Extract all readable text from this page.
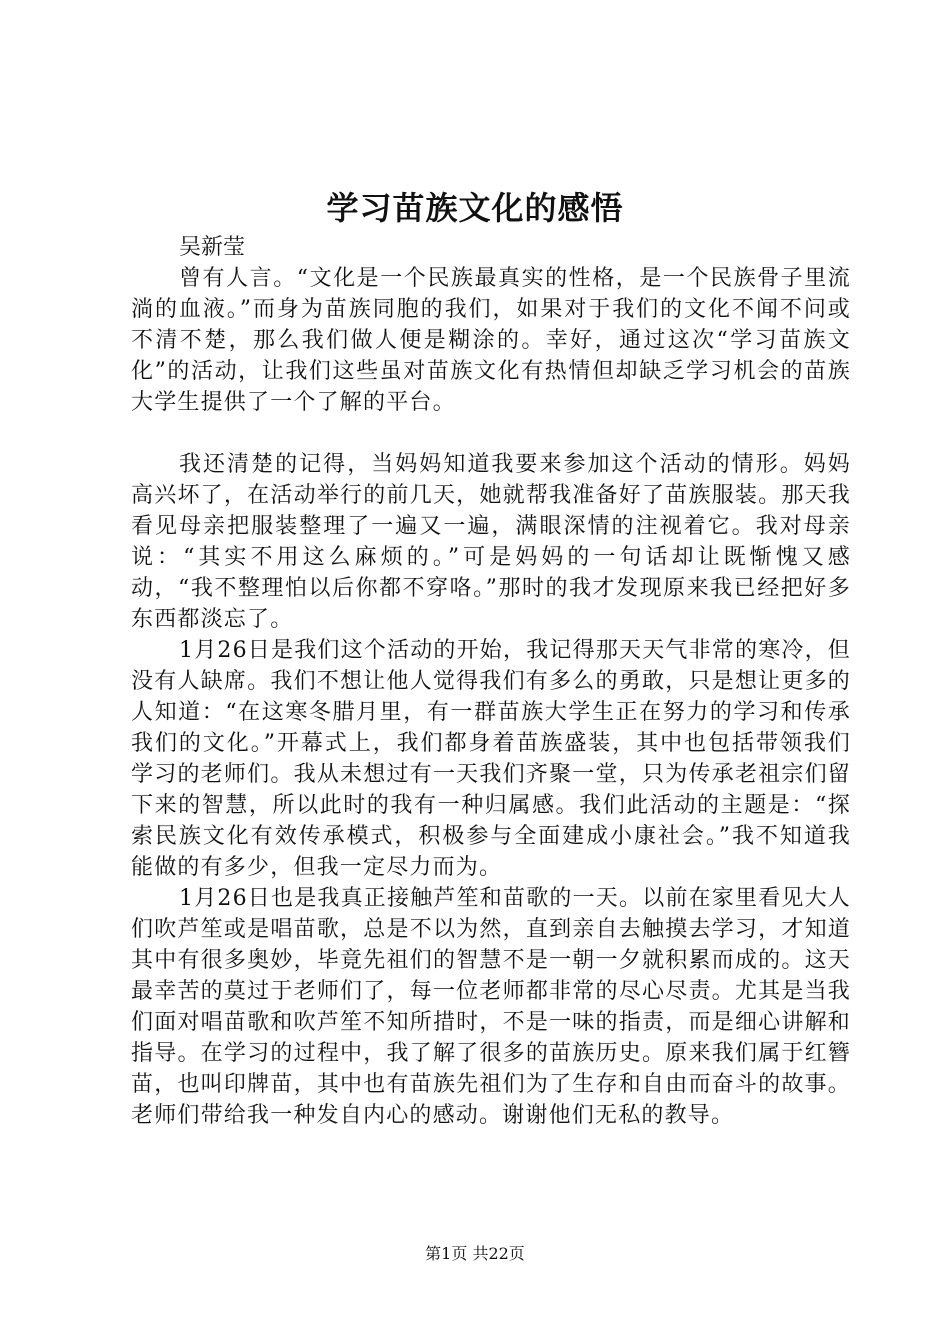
学习苗族文化的感悟

吴新莹

曾有人言。“文化是一个民族最真实的性格，是一个民族骨子里流淌的血液。”而身为苗族同胞的我们，如果对于我们的文化不闻不问或不清不楚，那么我们做人便是糊涂的。幸好，通过这次“学习苗族文化”的活动，让我们这些虽对苗族文化有热情但却缺乏学习机会的苗族大学生提供了一个了解的平台。

我还清楚的记得，当妈妈知道我要来参加这个活动的情形。妈妈高兴坏了，在活动举行的前几天，她就帮我准备好了苗族服装。那天我看见母亲把服装整理了一遍又一遍，满眼深情的注视着它。我对母亲说：“其实不用这么麻烦的。”可是妈妈的一句话却让既惭愧又感动，“我不整理怕以后你都不穿咯。”那时的我才发现原来我已经把好多东西都淡忘了。

1月26日是我们这个活动的开始，我记得那天天气非常的寒冷，但没有人缺席。我们不想让他人觉得我们有多么的勇敢，只是想让更多的人知道：“在这寒冬腊月里，有一群苗族大学生正在努力的学习和传承我们的文化。”开幕式上，我们都身着苗族盛装，其中也包括带领我们学习的老师们。我从未想过有一天我们齐聚一堂，只为传承老祖宗们留下来的智慧，所以此时的我有一种归属感。我们此活动的主题是：“探索民族文化有效传承模式，积极参与全面建成小康社会。”我不知道我能做的有多少，但我一定尽力而为。

1月26日也是我真正接触芦笙和苗歌的一天。以前在家里看见大人们吹芦笙或是唱苗歌，总是不以为然，直到亲自去触摸去学习，才知道其中有很多奥妙，毕竟先祖们的智慧不是一朝一夕就积累而成的。这天最幸苦的莫过于老师们了，每一位老师都非常的尽心尽责。尤其是当我们面对唱苗歌和吹芦笙不知所措时，不是一味的指责，而是细心讲解和指导。在学习的过程中，我了解了很多的苗族历史。原来我们属于红簪苗，也叫印牌苗，其中也有苗族先祖们为了生存和自由而奋斗的故事。老师们带给我一种发自内心的感动。谢谢他们无私的教导。

第1页 共22页
